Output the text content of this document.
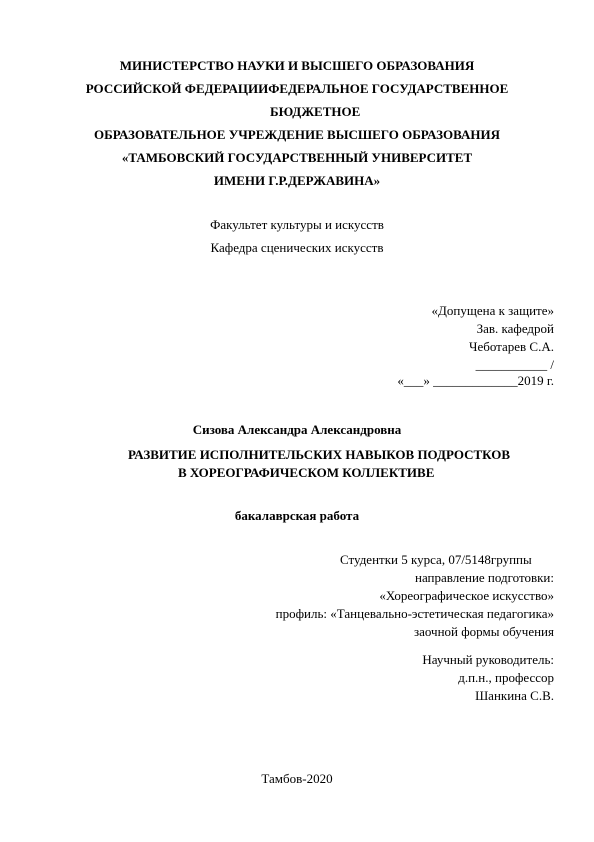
МИНИСТЕРСТВО НАУКИ И ВЫСШЕГО ОБРАЗОВАНИЯ
РОССИЙСКОЙ ФЕДЕРАЦИИФЕДЕРАЛЬНОЕ ГОСУДАРСТВЕННОЕ
БЮДЖЕТНОЕ
ОБРАЗОВАТЕЛЬНОЕ УЧРЕЖДЕНИЕ ВЫСШЕГО ОБРАЗОВАНИЯ
«ТАМБОВСКИЙ ГОСУДАРСТВЕННЫЙ УНИВЕРСИТЕТ
ИМЕНИ Г.Р.ДЕРЖАВИНА»
Факультет культуры и искусств
Кафедра сценических искусств
«Допущена к защите»
Зав. кафедрой
Чеботарев С.А.
___________ /
«___» _____________2019 г.
Сизова Александра Александровна
РАЗВИТИЕ ИСПОЛНИТЕЛЬСКИХ НАВЫКОВ ПОДРОСТКОВ
В ХОРЕОГРАФИЧЕСКОМ КОЛЛЕКТИВЕ
бакалаврская работа
Студентки 5 курса, 07/5148группы
направление подготовки:
«Хореографическое искусство»
профиль: «Танцевально-эстетическая педагогика»
заочной формы обучения
Научный руководитель:
д.п.н., профессор
Шанкина С.В.
Тамбов-2020
